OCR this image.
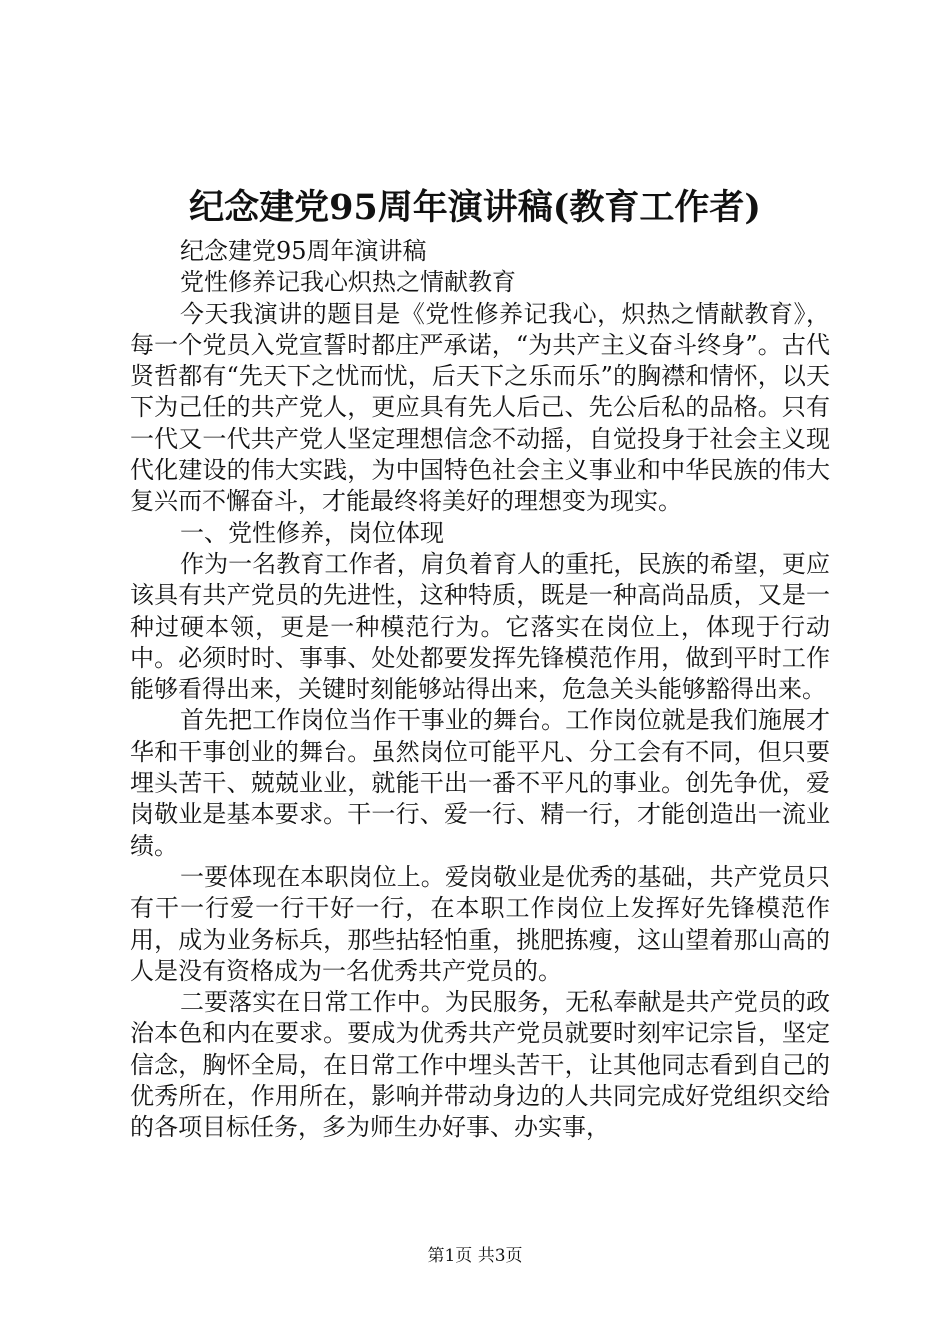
纪念建党95周年演讲稿(教育工作者)

纪念建党95周年演讲稿

党性修养记我心炽热之情献教育

今天我演讲的题目是《党性修养记我心，炽热之情献教育》，每一个党员入党宣誓时都庄严承诺，“为共产主义奋斗终身”。古代贤哲都有“先天下之忧而忧，后天下之乐而乐”的胸襟和情怀，以天下为己任的共产党人，更应具有先人后己、先公后私的品格。只有一代又一代共产党人坚定理想信念不动摇，自觉投身于社会主义现代化建设的伟大实践，为中国特色社会主义事业和中华民族的伟大复兴而不懈奋斗，才能最终将美好的理想变为现实。

一、党性修养，岗位体现

作为一名教育工作者，肩负着育人的重托，民族的希望，更应该具有共产党员的先进性，这种特质，既是一种高尚品质，又是一种过硬本领，更是一种模范行为。它落实在岗位上，体现于行动中。必须时时、事事、处处都要发挥先锋模范作用，做到平时工作能够看得出来，关键时刻能够站得出来，危急关头能够豁得出来。

首先把工作岗位当作干事业的舞台。工作岗位就是我们施展才华和干事创业的舞台。虽然岗位可能平凡、分工会有不同，但只要埋头苦干、兢兢业业，就能干出一番不平凡的事业。创先争优，爱岗敬业是基本要求。干一行、爱一行、精一行，才能创造出一流业绩。

一要体现在本职岗位上。爱岗敬业是优秀的基础，共产党员只有干一行爱一行干好一行，在本职工作岗位上发挥好先锋模范作用，成为业务标兵，那些拈轻怕重，挑肥拣瘦，这山望着那山高的人是没有资格成为一名优秀共产党员的。

二要落实在日常工作中。为民服务，无私奉献是共产党员的政治本色和内在要求。要成为优秀共产党员就要时刻牢记宗旨，坚定信念，胸怀全局，在日常工作中埋头苦干，让其他同志看到自己的优秀所在，作用所在，影响并带动身边的人共同完成好党组织交给的各项目标任务，多为师生办好事、办实事，

第1页 共3页
